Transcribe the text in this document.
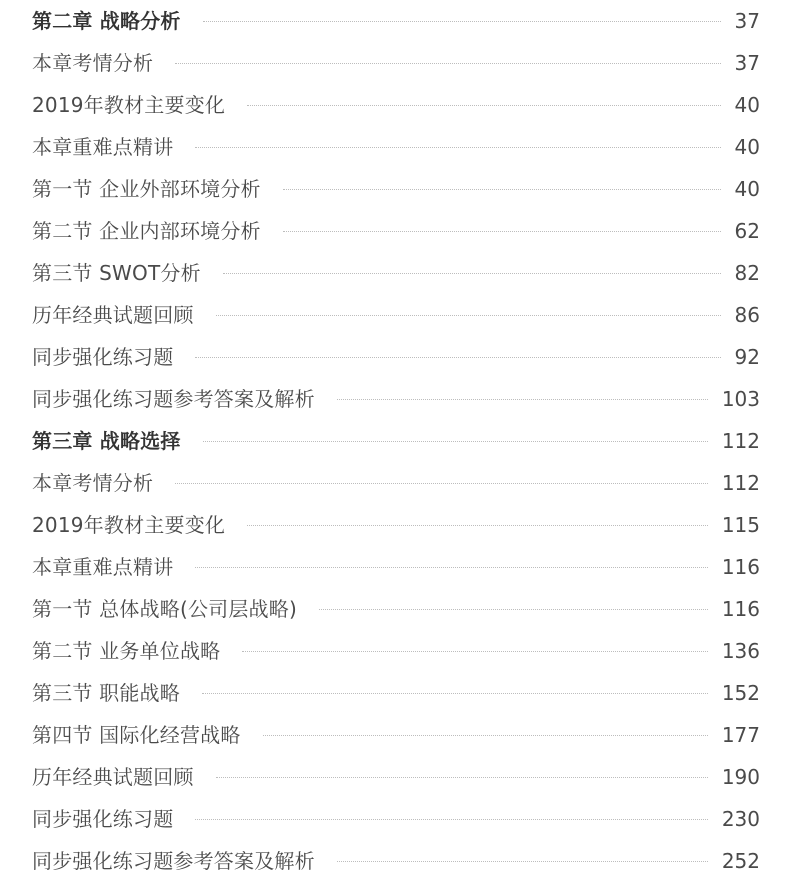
第二章 战略分析	37
本章考情分析	37
2019年教材主要变化	40
本章重难点精讲	40
第一节 企业外部环境分析	40
第二节 企业内部环境分析	62
第三节 SWOT分析	82
历年经典试题回顾	86
同步强化练习题	92
同步强化练习题参考答案及解析	103
第三章 战略选择	112
本章考情分析	112
2019年教材主要变化	115
本章重难点精讲	116
第一节 总体战略(公司层战略)	116
第二节 业务单位战略	136
第三节 职能战略	152
第四节 国际化经营战略	177
历年经典试题回顾	190
同步强化练习题	230
同步强化练习题参考答案及解析	252
